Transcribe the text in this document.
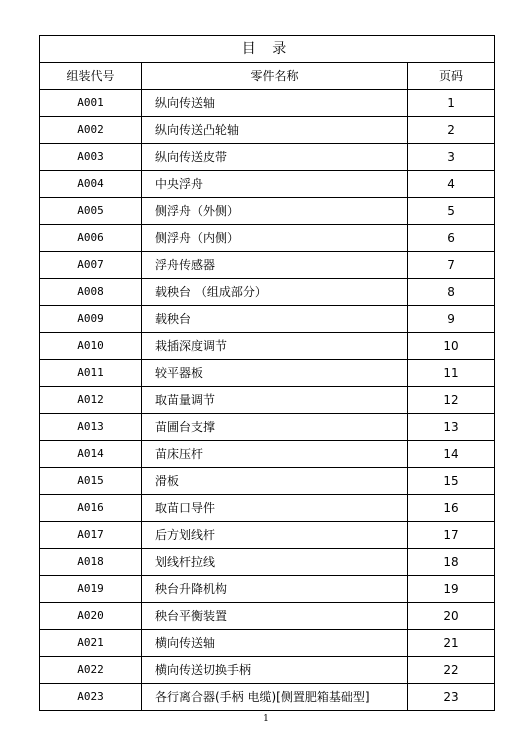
目 录		
组装代号	零件名称	页码
A001	纵向传送轴	1
A002	纵向传送凸轮轴	2
A003	纵向传送皮带	3
A004	中央浮舟	4
A005	侧浮舟（外侧）	5
A006	侧浮舟（内侧）	6
A007	浮舟传感器	7
A008	载秧台 （组成部分）	8
A009	载秧台	9
A010	栽插深度调节	10
A011	较平器板	11
A012	取苗量调节	12
A013	苗圃台支撑	13
A014	苗床压杆	14
A015	滑板	15
A016	取苗口导件	16
A017	后方划线杆	17
A018	划线杆拉线	18
A019	秧台升降机构	19
A020	秧台平衡装置	20
A021	横向传送轴	21
A022	横向传送切换手柄	22
A023	各行离合器(手柄 电缆)[侧置肥箱基础型]	23
1
